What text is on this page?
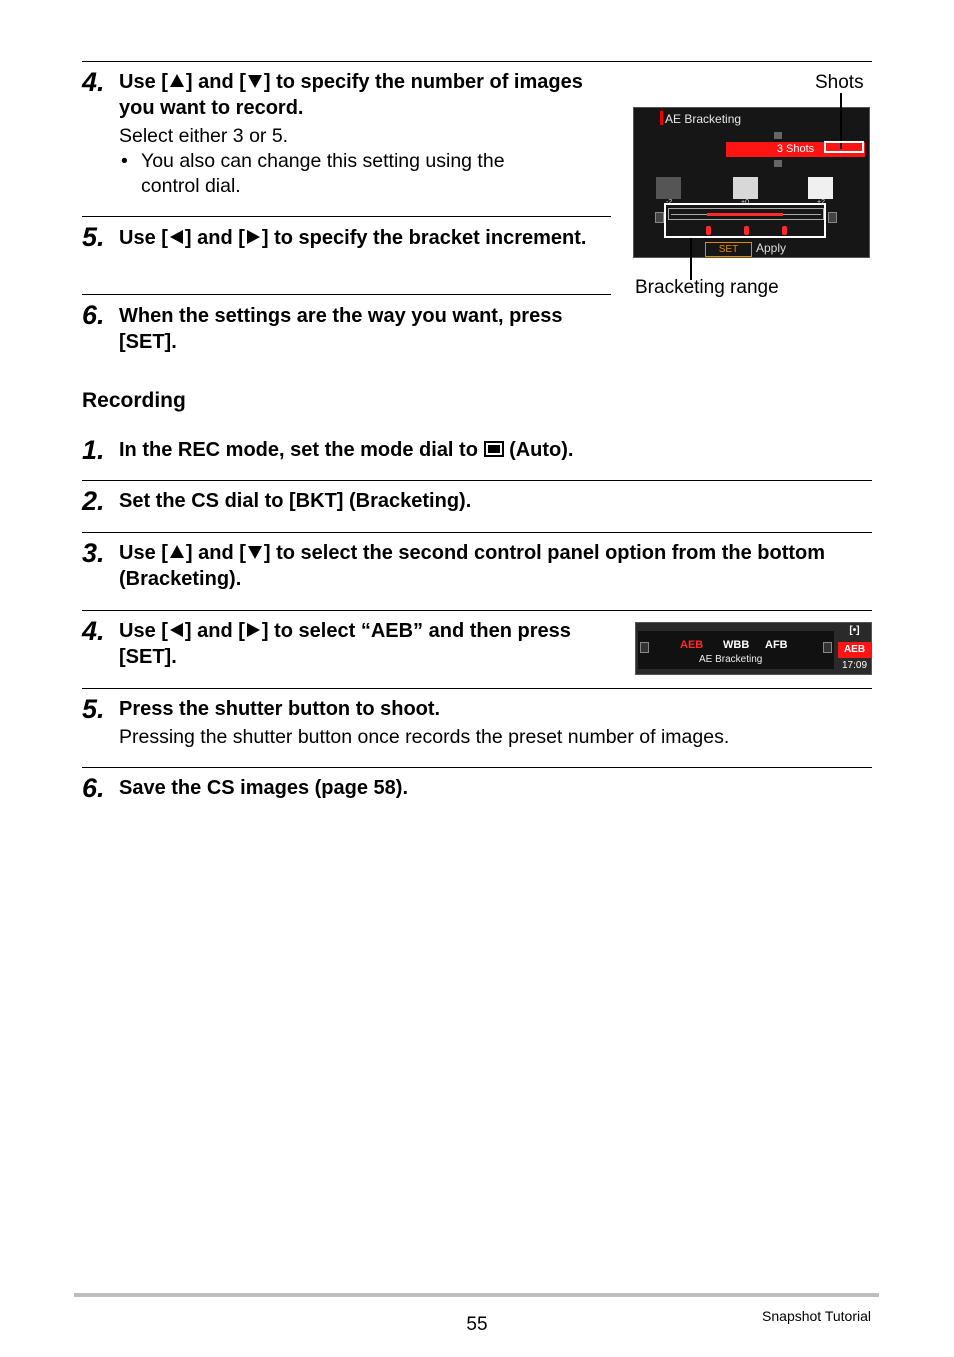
4. Use [ ] and [ ] to specify the number of images you want to record.
Select either 3 or 5.
• You also can change this setting using the control dial.
5. Use [ ] and [ ] to specify the bracket increment.
6. When the settings are the way you want, press [SET].
Shots
AE Bracketing
3 Shots
-2	+0	+2
SET	Apply
Bracketing range
Recording
1. In the REC mode, set the mode dial to (Auto).
2. Set the CS dial to [BKT] (Bracketing).
3. Use [ ] and [ ] to select the second control panel option from the bottom (Bracketing).
4. Use [ ] and [ ] to select “AEB” and then press [SET].
AEB WBB AFB
AE Bracketing
[•]
AEB
17:09
5. Press the shutter button to shoot.
Pressing the shutter button once records the preset number of images.
6. Save the CS images (page 58).
55	Snapshot Tutorial
